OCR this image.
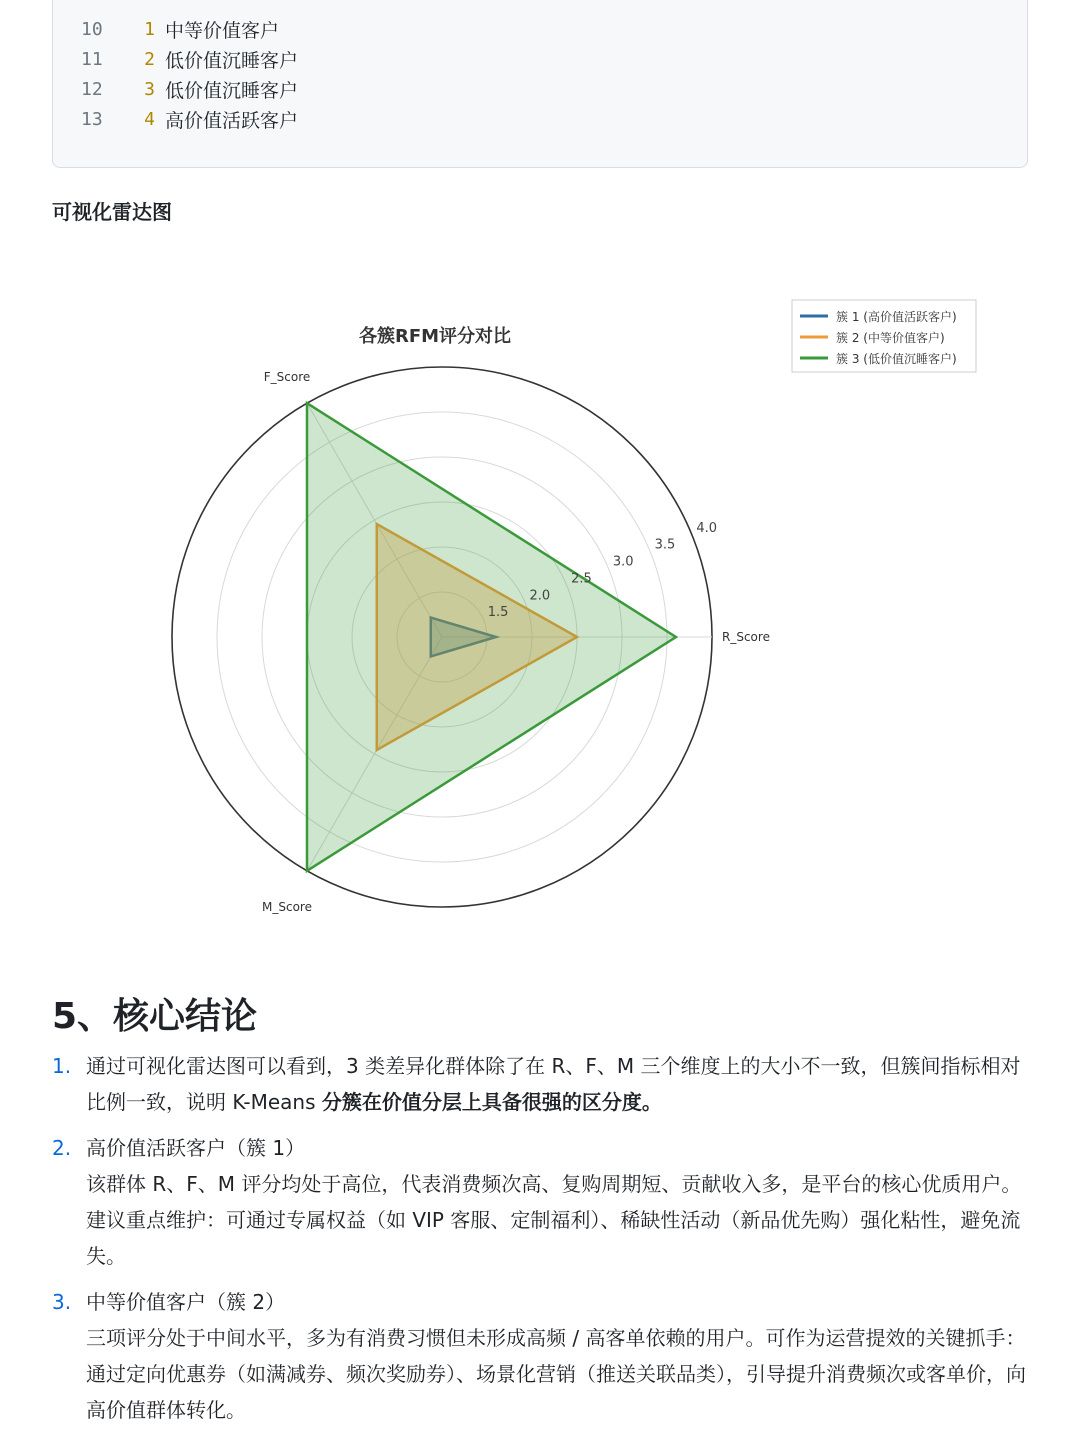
10	1 中等价值客户
11	2 低价值沉睡客户
12	3 低价值沉睡客户
13	4 高价值活跃客户
可视化雷达图
1.5
2.0
2.5
3.0
3.5
4.0
R_Score
F_Score
M_Score
各簇RFM评分对比
簇 1 (高价值活跃客户)
簇 2 (中等价值客户)
簇 3 (低价值沉睡客户)
5、核心结论
1. 通过可视化雷达图可以看到，3 类差异化群体除了在 R、F、M 三个维度上的大小不一致，但簇间指标相对比例一致，说明 K-Means 分簇在价值分层上具备很强的区分度。
2. 高价值活跃客户（簇 1）
该群体 R、F、M 评分均处于高位，代表消费频次高、复购周期短、贡献收入多，是平台的核心优质用户。建议重点维护：可通过专属权益（如 VIP 客服、定制福利）、稀缺性活动（新品优先购）强化粘性，避免流失。
3. 中等价值客户（簇 2）
三项评分处于中间水平，多为有消费习惯但未形成高频 / 高客单依赖的用户。可作为运营提效的关键抓手：通过定向优惠券（如满减券、频次奖励券）、场景化营销（推送关联品类），引导提升消费频次或客单价，向高价值群体转化。
